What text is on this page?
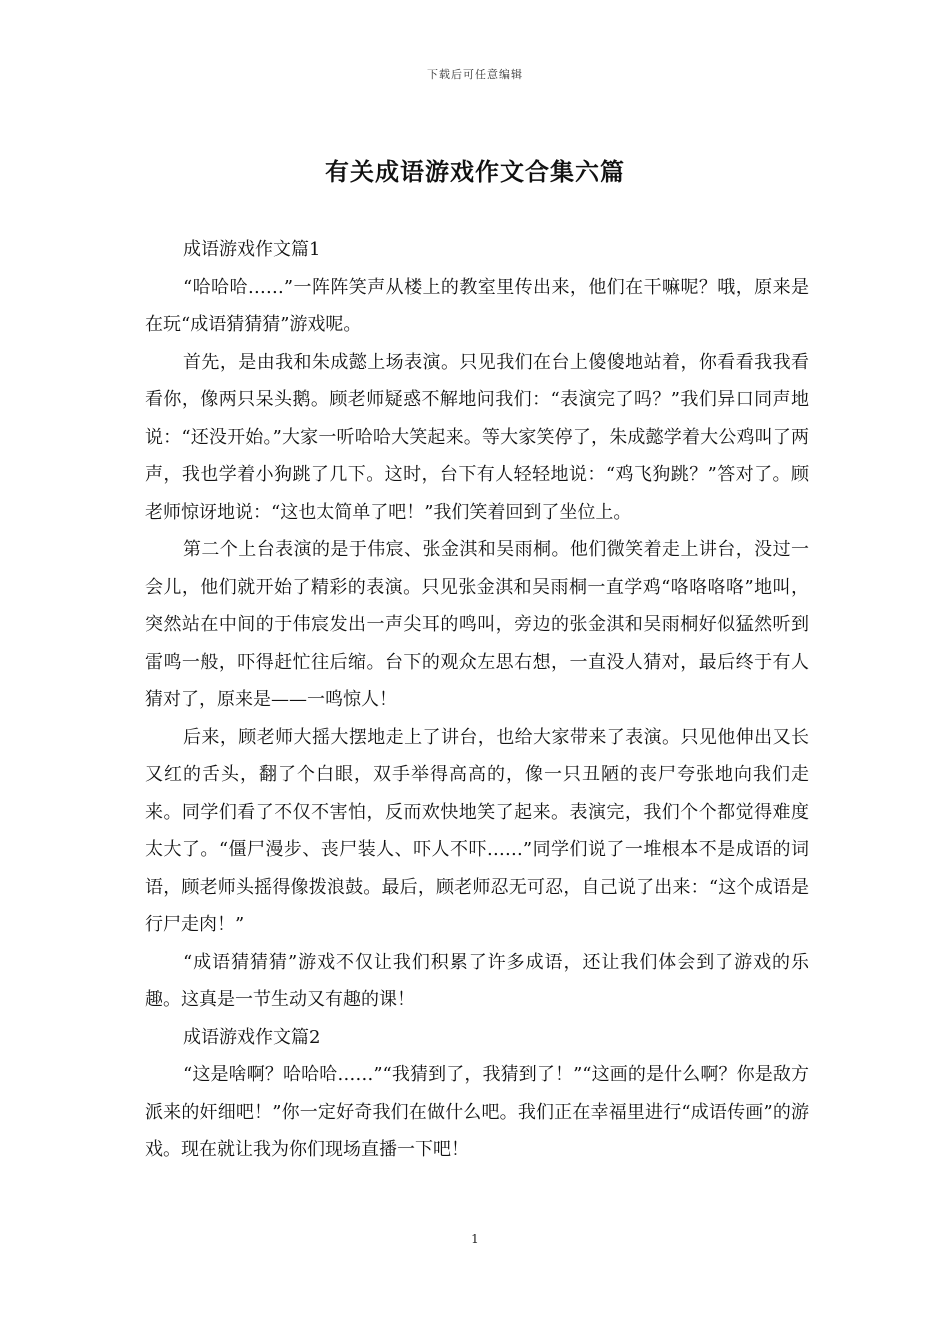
下载后可任意编辑
有关成语游戏作文合集六篇

成语游戏作文篇1

“哈哈哈……”一阵阵笑声从楼上的教室里传出来，他们在干嘛呢？哦，原来是在玩“成语猜猜猜”游戏呢。

首先，是由我和朱成懿上场表演。只见我们在台上傻傻地站着，你看看我我看看你，像两只呆头鹅。顾老师疑惑不解地问我们：“表演完了吗？”我们异口同声地说：“还没开始。”大家一听哈哈大笑起来。等大家笑停了，朱成懿学着大公鸡叫了两声，我也学着小狗跳了几下。这时，台下有人轻轻地说：“鸡飞狗跳？”答对了。顾老师惊讶地说：“这也太简单了吧！”我们笑着回到了坐位上。

第二个上台表演的是于伟宸、张金淇和吴雨桐。他们微笑着走上讲台，没过一会儿，他们就开始了精彩的表演。只见张金淇和吴雨桐一直学鸡“咯咯咯咯”地叫，突然站在中间的于伟宸发出一声尖耳的鸣叫，旁边的张金淇和吴雨桐好似猛然听到雷鸣一般，吓得赶忙往后缩。台下的观众左思右想，一直没人猜对，最后终于有人猜对了，原来是——一鸣惊人！

后来，顾老师大摇大摆地走上了讲台，也给大家带来了表演。只见他伸出又长又红的舌头，翻了个白眼，双手举得高高的，像一只丑陋的丧尸夸张地向我们走来。同学们看了不仅不害怕，反而欢快地笑了起来。表演完，我们个个都觉得难度太大了。“僵尸漫步、丧尸装人、吓人不吓……”同学们说了一堆根本不是成语的词语，顾老师头摇得像拨浪鼓。最后，顾老师忍无可忍，自己说了出来：“这个成语是行尸走肉！”

“成语猜猜猜”游戏不仅让我们积累了许多成语，还让我们体会到了游戏的乐趣。这真是一节生动又有趣的课！

成语游戏作文篇2

“这是啥啊？哈哈哈……”“我猜到了，我猜到了！”“这画的是什么啊？你是敌方派来的奸细吧！”你一定好奇我们在做什么吧。我们正在幸福里进行“成语传画”的游戏。现在就让我为你们现场直播一下吧！

1
